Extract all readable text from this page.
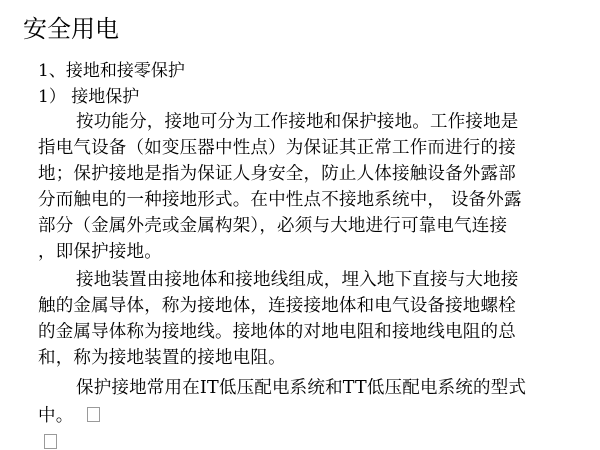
安全用电
1、接地和接零保护
1） 接地保护
按功能分，接地可分为工作接地和保护接地。工作接地是
指电气设备（如变压器中性点）为保证其正常工作而进行的接
地；保护接地是指为保证人身安全，防止人体接触设备外露部
分而触电的一种接地形式。在中性点不接地系统中， 设备外露
部分（金属外壳或金属构架），必须与大地进行可靠电气连接
，即保护接地。
接地装置由接地体和接地线组成，埋入地下直接与大地接
触的金属导体，称为接地体，连接接地体和电气设备接地螺栓
的金属导体称为接地线。接地体的对地电阻和接地线电阻的总
和，称为接地装置的接地电阻。
保护接地常用在IT低压配电系统和TT低压配电系统的型式
中。
